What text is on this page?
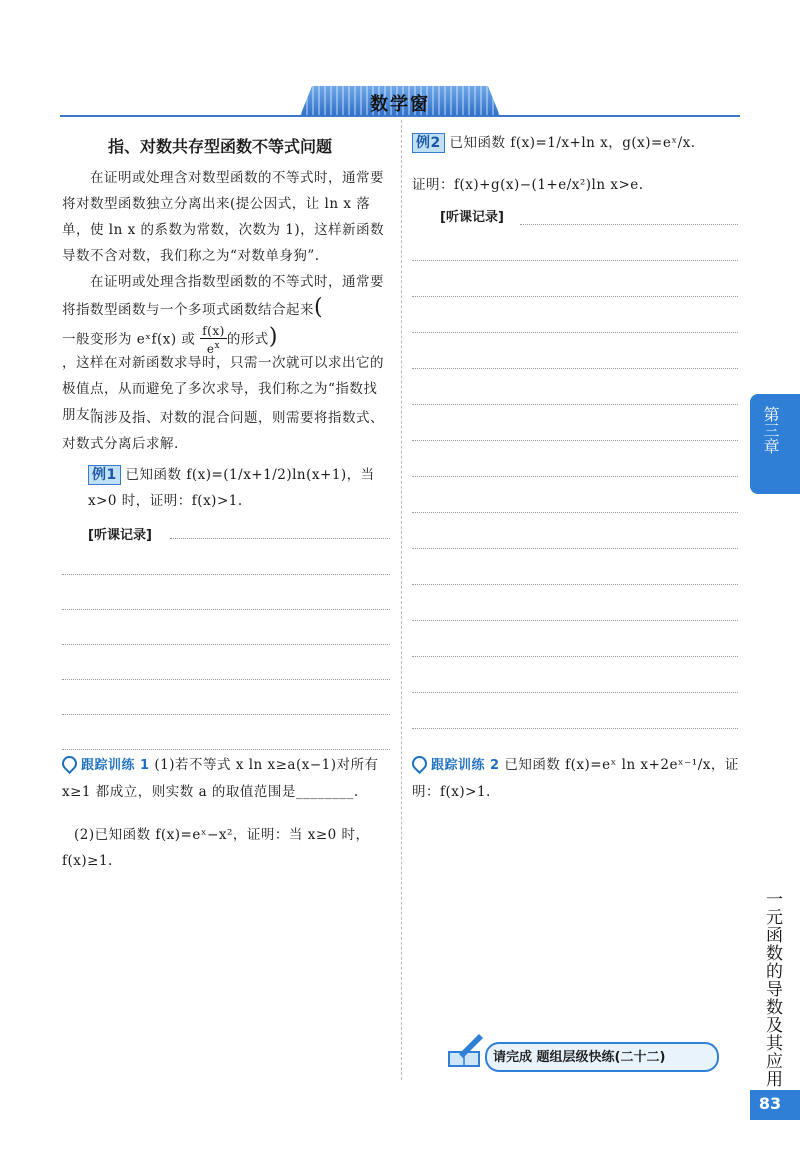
数学窗
指、对数共存型函数不等式问题
在证明或处理含对数型函数的不等式时，通常要将对数型函数独立分离出来(提公因式，让 ln x 落单，使 ln x 的系数为常数，次数为 1)，这样新函数导数不含对数，我们称之为“对数单身狗”.
在证明或处理含指数型函数的不等式时，通常要将指数型函数与一个多项式函数结合起来(
一般变形为 eˣf(x) 或 $\frac{f(x)}{e^x}$ 的形式)
，这样在对新函数求导时，只需一次就可以求出它的极值点，从而避免了多次求导，我们称之为“指数找朋友”.
而涉及指、对数的混合问题，则需要将指数式、对数式分离后求解.
例1 已知函数 f(x)=(1/x+1/2)ln(x+1)，当 x>0 时，证明：f(x)>1.
[听课记录]
跟踪训练 1 (1)若不等式 x ln x≥a(x−1)对所有 x≥1 都成立，则实数 a 的取值范围是________.
(2)已知函数 f(x)=eˣ−x²，证明：当 x≥0 时，f(x)≥1.
例2 已知函数 f(x)=1/x+ln x，g(x)=eˣ/x.
证明：f(x)+g(x)−(1+e/x²)ln x>e.
[听课记录]
跟踪训练 2 已知函数 f(x)=eˣ ln x+2eˣ⁻¹/x，证明：f(x)>1.
请完成 题组层级快练(二十二)
第三章
一元函数的导数及其应用
83
